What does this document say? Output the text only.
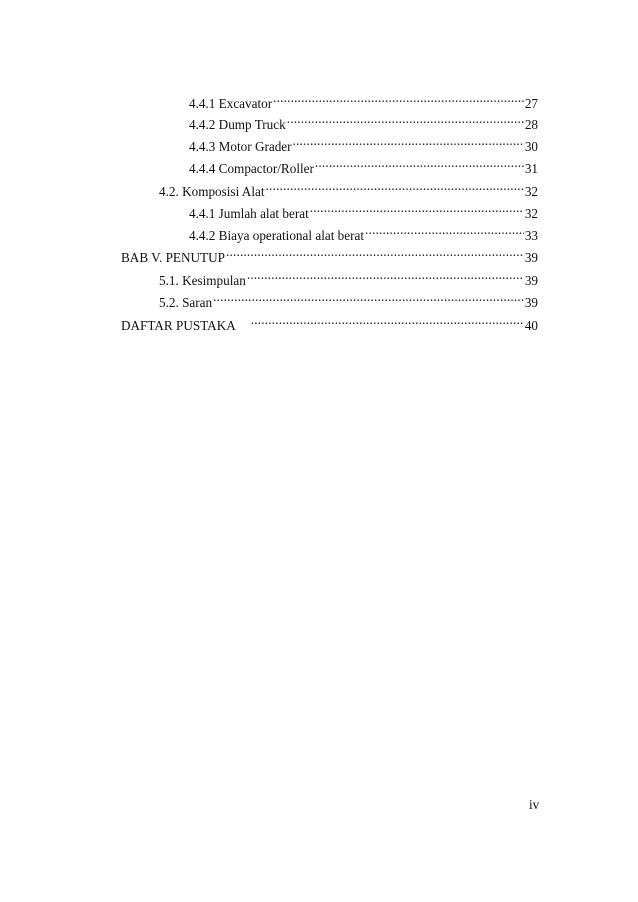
4.4.1 Excavator .....	27
4.4.2 Dump Truck .....	28
4.4.3 Motor Grader .....	30
4.4.4 Compactor/Roller .....	31
4.2. Komposisi Alat .....	32
4.4.1 Jumlah alat berat .....	32
4.4.2 Biaya operational alat berat .....	33
BAB V. PENUTUP .....	39
5.1. Kesimpulan .....	39
5.2. Saran .....	39
DAFTAR PUSTAKA .....	40
iv
